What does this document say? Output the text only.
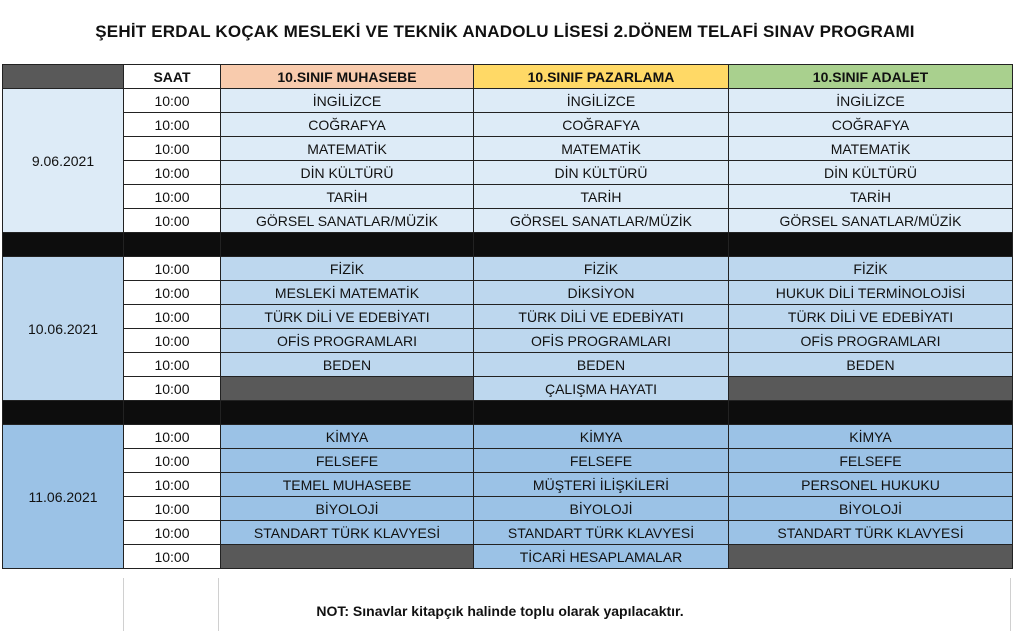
ŞEHİT ERDAL KOÇAK MESLEKİ VE TEKNİK ANADOLU LİSESİ 2.DÖNEM TELAFİ SINAV PROGRAMI
	SAAT	10.SINIF MUHASEBE	10.SINIF PAZARLAMA	10.SINIF ADALET
9.06.2021	10:00	İNGİLİZCE	İNGİLİZCE	İNGİLİZCE
	10:00	COĞRAFYA	COĞRAFYA	COĞRAFYA
	10:00	MATEMATİK	MATEMATİK	MATEMATİK
	10:00	DİN KÜLTÜRÜ	DİN KÜLTÜRÜ	DİN KÜLTÜRÜ
	10:00	TARİH	TARİH	TARİH
	10:00	GÖRSEL SANATLAR/MÜZİK	GÖRSEL SANATLAR/MÜZİK	GÖRSEL SANATLAR/MÜZİK

10.06.2021	10:00	FİZİK	FİZİK	FİZİK
	10:00	MESLEKİ MATEMATİK	DİKSİYON	HUKUK DİLİ TERMİNOLOJİSİ
	10:00	TÜRK DİLİ VE EDEBİYATI	TÜRK DİLİ VE EDEBİYATI	TÜRK DİLİ VE EDEBİYATI
	10:00	OFİS PROGRAMLARI	OFİS PROGRAMLARI	OFİS PROGRAMLARI
	10:00	BEDEN	BEDEN	BEDEN
	10:00		ÇALIŞMA HAYATI	

11.06.2021	10:00	KİMYA	KİMYA	KİMYA
	10:00	FELSEFE	FELSEFE	FELSEFE
	10:00	TEMEL MUHASEBE	MÜŞTERİ İLİŞKİLERİ	PERSONEL HUKUKU
	10:00	BİYOLOJİ	BİYOLOJİ	BİYOLOJİ
	10:00	STANDART TÜRK KLAVYESİ	STANDART TÜRK KLAVYESİ	STANDART TÜRK KLAVYESİ
	10:00		TİCARİ HESAPLAMALAR	
NOT: Sınavlar kitapçık halinde toplu olarak yapılacaktır.
